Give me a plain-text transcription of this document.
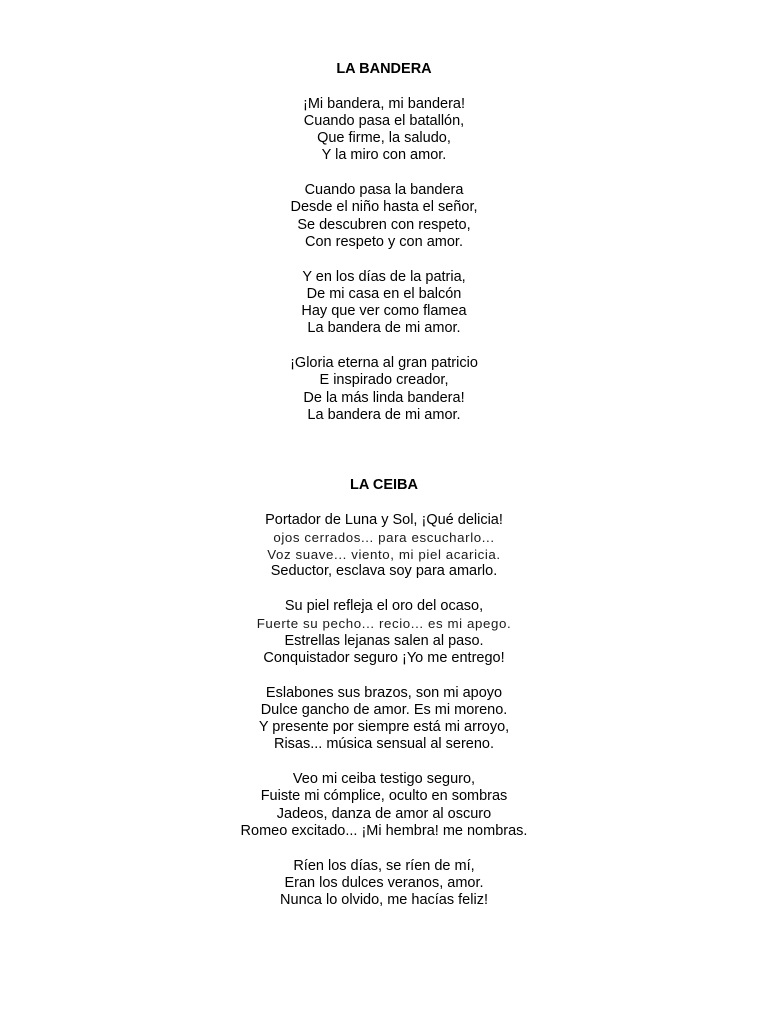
LA BANDERA
¡Mi bandera, mi bandera!
Cuando pasa el batallón,
Que firme, la saludo,
Y la miro con amor.
Cuando pasa la bandera
Desde el niño hasta el señor,
Se descubren con respeto,
Con respeto y con amor.
Y en los días de la patria,
De mi casa en el balcón
Hay que ver como flamea
La bandera de mi amor.
¡Gloria eterna al gran patricio
E inspirado creador,
De la más linda bandera!
La bandera de mi amor.
LA CEIBA
Portador de Luna y Sol, ¡Qué delicia!
ojos cerrados... para escucharlo...
Voz suave... viento, mi piel acaricia.
Seductor, esclava soy para amarlo.
Su piel refleja el oro del ocaso,
Fuerte su pecho... recio... es mi apego.
Estrellas lejanas salen al paso.
Conquistador seguro ¡Yo me entrego!
Eslabones sus brazos, son mi apoyo
Dulce gancho de amor. Es mi moreno.
Y presente por siempre está mi arroyo,
Risas... música sensual al sereno.
Veo mi ceiba testigo seguro,
Fuiste mi cómplice, oculto en sombras
Jadeos, danza de amor al oscuro
Romeo excitado... ¡Mi hembra! me nombras.
Ríen los días, se ríen de mí,
Eran los dulces veranos, amor.
Nunca lo olvido, me hacías feliz!
